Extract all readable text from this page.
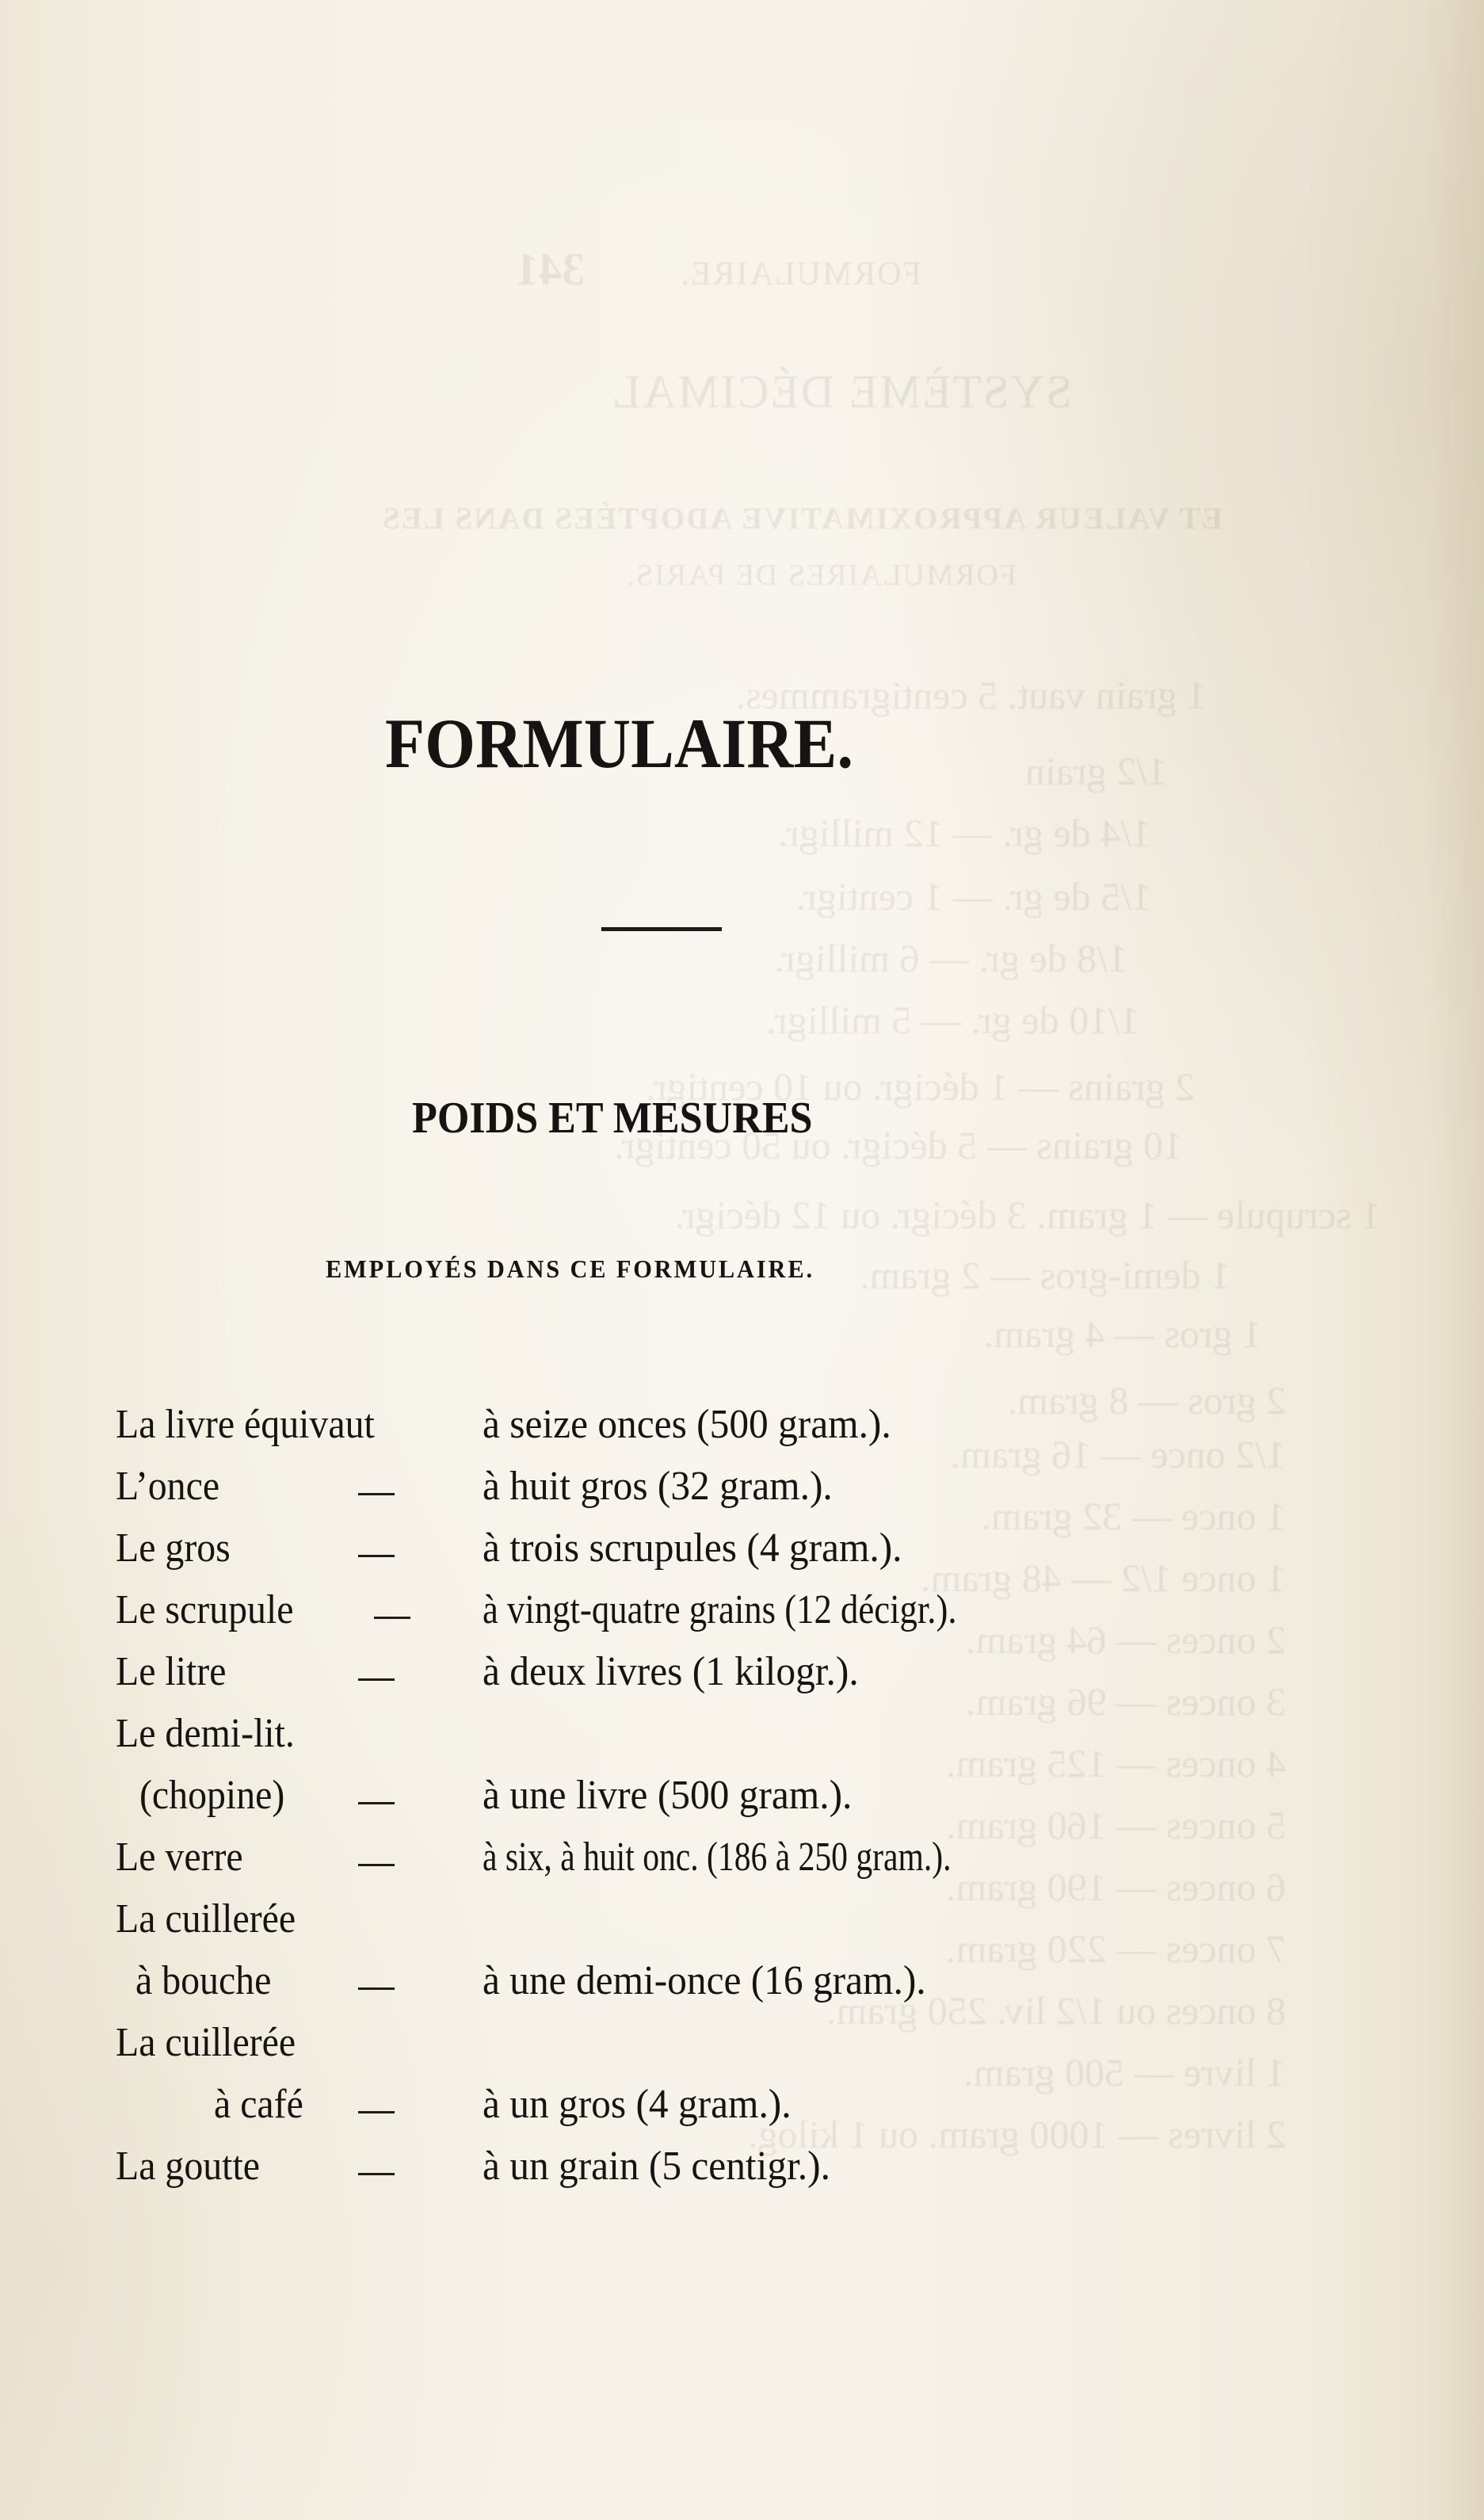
FORMULAIRE.
341
SYSTÈME DÉCIMAL
ET VALEUR APPROXIMATIVE ADOPTÉES DANS LES
FORMULAIRES DE PARIS.
1 grain vaut. 5 centigrammes.
1/2 grain
1/4 de gr. — 12 milligr.
1/5 de gr. — 1 centigr.
1/8 de gr. — 6 milligr.
1/10 de gr. — 5 milligr.
2 grains — 1 décigr. ou 10 centigr.
10 grains — 5 décigr. ou 50 centigr.
1 scrupule — 1 gram. 3 décigr. ou 12 décigr.
1 demi-gros — 2 gram.
1 gros — 4 gram.
2 gros — 8 gram.
1/2 once — 16 gram.
1 once — 32 gram.
1 once 1/2 — 48 gram.
2 onces — 64 gram.
3 onces — 96 gram.
4 onces — 125 gram.
5 onces — 160 gram.
6 onces — 190 gram.
7 onces — 220 gram.
8 onces ou 1/2 liv. 250 gram.
1 livre — 500 gram.
2 livres — 1000 gram. ou 1 kilog.
FORMULAIRE.
POIDS ET MESURES
EMPLOYÉS DANS CE FORMULAIRE.
La livre équivaut	à seize onces (500 gram.).
L’once	à huit gros (32 gram.).
Le gros	à trois scrupules (4 gram.).
Le scrupule	à vingt-quatre grains (12 décigr.).
Le litre	à deux livres (1 kilogr.).
Le demi-lit.
(chopine)	à une livre (500 gram.).
Le verre	à six, à huit onc. (186 à 250 gram.).
La cuillerée
à bouche	à une demi-once (16 gram.).
La cuillerée
à café	à un gros (4 gram.).
La goutte	à un grain (5 centigr.).
